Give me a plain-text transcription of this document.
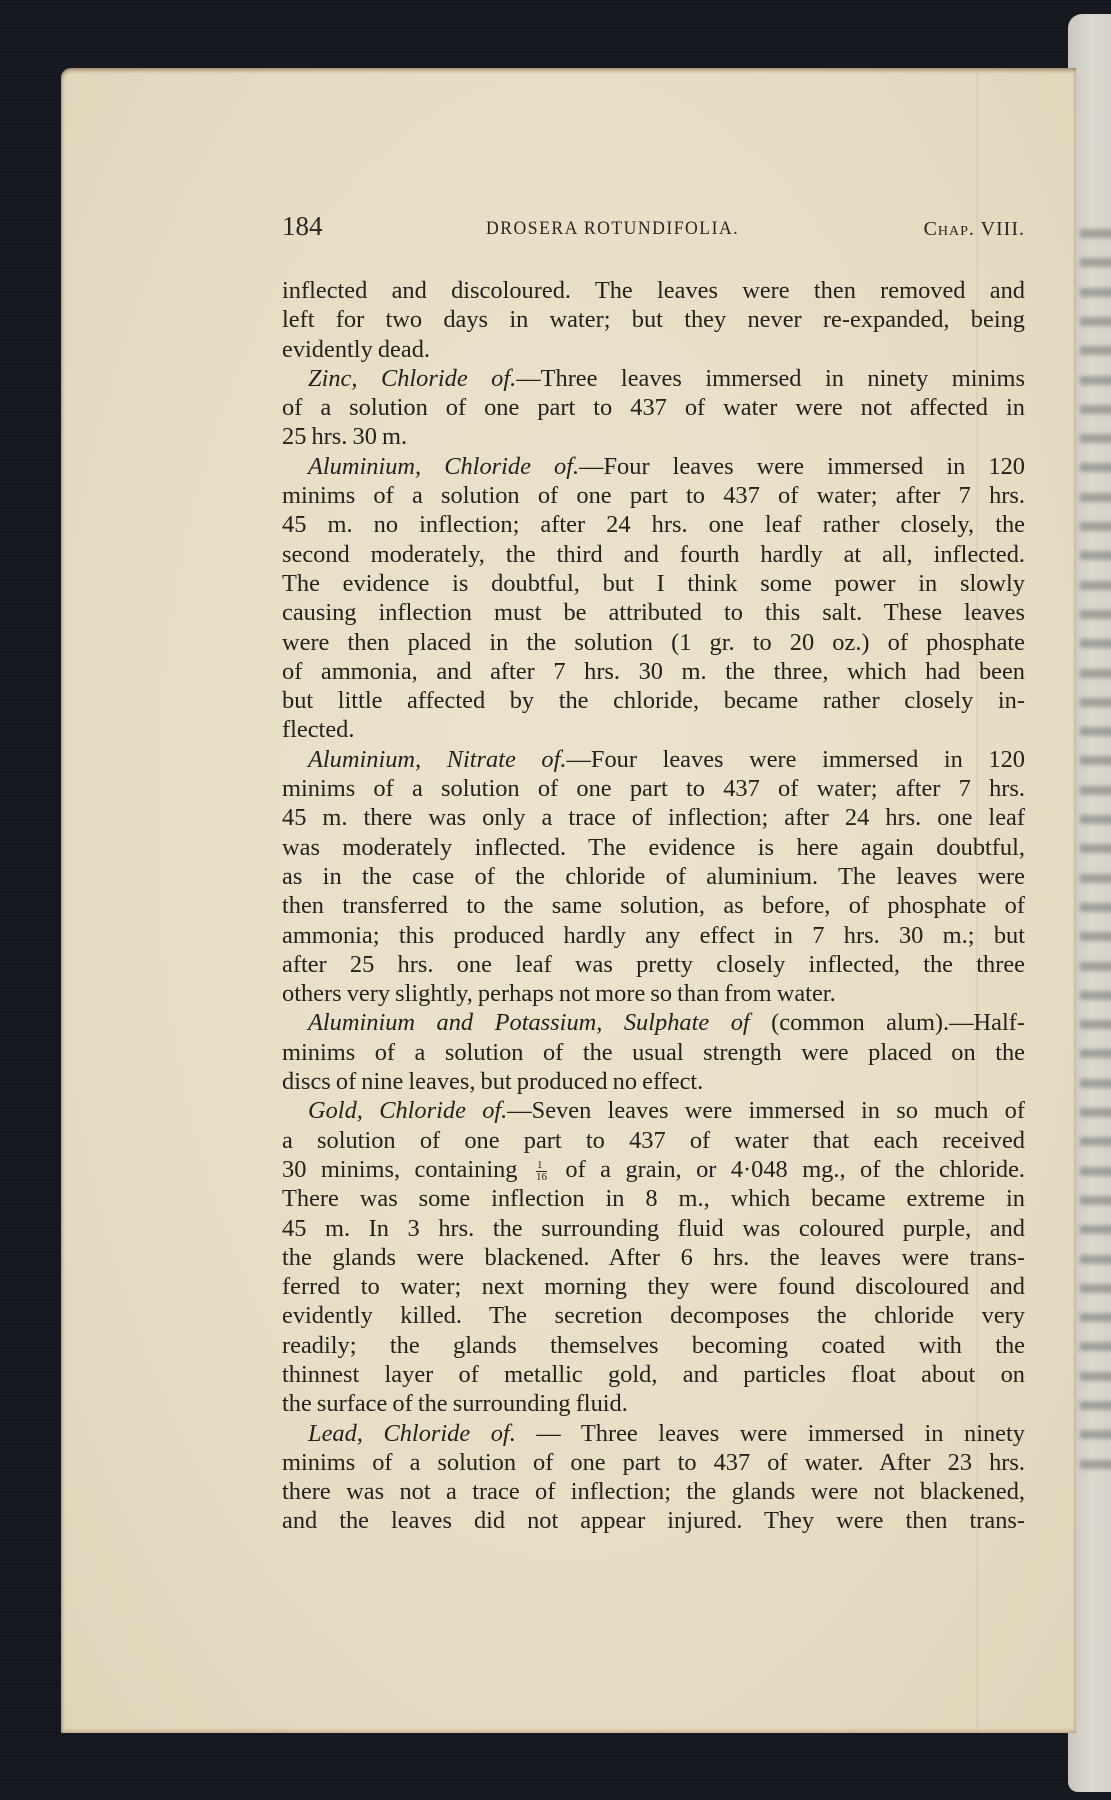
184	DROSERA ROTUNDIFOLIA.	Chap. VIII.
inflected and discoloured. The leaves were then removed and
left for two days in water; but they never re-expanded, being
evidently dead.
Zinc, Chloride of.—Three leaves immersed in ninety minims
of a solution of one part to 437 of water were not affected in
25 hrs. 30 m.
Aluminium, Chloride of.—Four leaves were immersed in 120
minims of a solution of one part to 437 of water; after 7 hrs.
45 m. no inflection; after 24 hrs. one leaf rather closely, the
second moderately, the third and fourth hardly at all, inflected.
The evidence is doubtful, but I think some power in slowly
causing inflection must be attributed to this salt. These leaves
were then placed in the solution (1 gr. to 20 oz.) of phosphate
of ammonia, and after 7 hrs. 30 m. the three, which had been
but little affected by the chloride, became rather closely in-
flected.
Aluminium, Nitrate of.—Four leaves were immersed in 120
minims of a solution of one part to 437 of water; after 7 hrs.
45 m. there was only a trace of inflection; after 24 hrs. one leaf
was moderately inflected. The evidence is here again doubtful,
as in the case of the chloride of aluminium. The leaves were
then transferred to the same solution, as before, of phosphate of
ammonia; this produced hardly any effect in 7 hrs. 30 m.; but
after 25 hrs. one leaf was pretty closely inflected, the three
others very slightly, perhaps not more so than from water.
Aluminium and Potassium, Sulphate of (common alum).—Half-
minims of a solution of the usual strength were placed on the
discs of nine leaves, but produced no effect.
Gold, Chloride of.—Seven leaves were immersed in so much of
a solution of one part to 437 of water that each received
30 minims, containing $\frac{1}{16}$ of a grain, or 4·048 mg., of the chloride.
There was some inflection in 8 m., which became extreme in
45 m. In 3 hrs. the surrounding fluid was coloured purple, and
the glands were blackened. After 6 hrs. the leaves were trans-
ferred to water; next morning they were found discoloured and
evidently killed. The secretion decomposes the chloride very
readily; the glands themselves becoming coated with the
thinnest layer of metallic gold, and particles float about on
the surface of the surrounding fluid.
Lead, Chloride of. — Three leaves were immersed in ninety
minims of a solution of one part to 437 of water. After 23 hrs.
there was not a trace of inflection; the glands were not blackened,
and the leaves did not appear injured. They were then trans-
